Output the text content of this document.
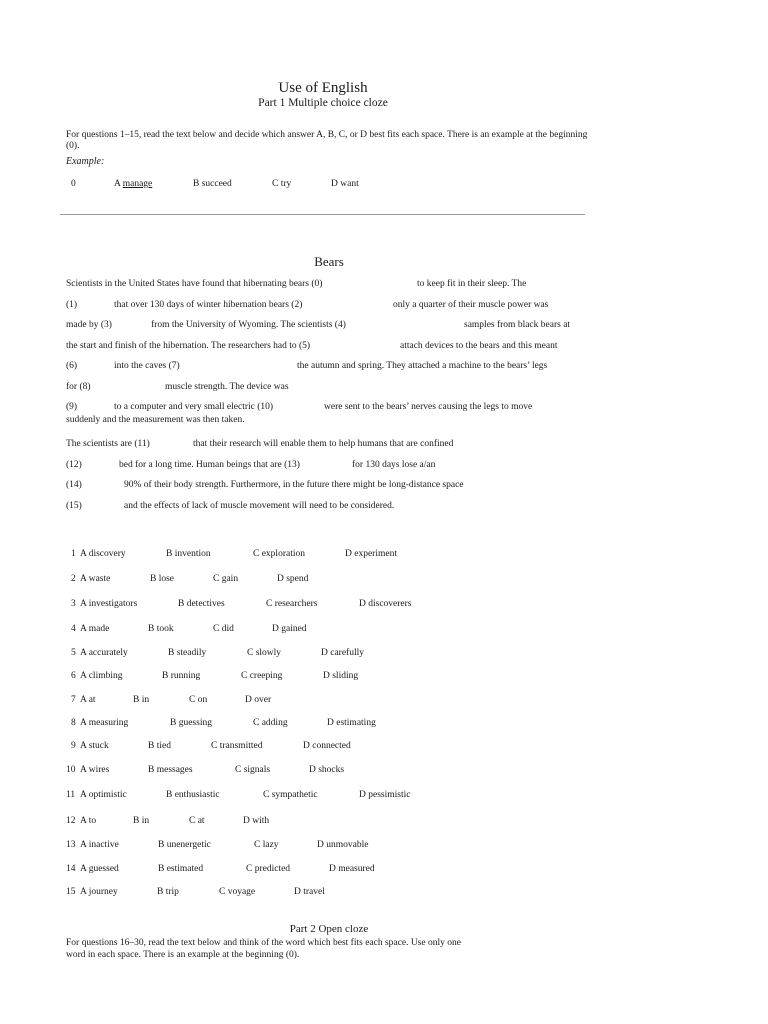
Use of English
Part 1 Multiple choice cloze
For questions 1–15, read the text below and decide which answer A, B, C, or D best fits each space. There is an example at the beginning (0).
Example:
0	A manage	B succeed	C try	D want
Bears
Scientists in the United States have found that hibernating bears (0)	to keep fit in their sleep. The
(1)	that over 130 days of winter hibernation bears (2)	only a quarter of their muscle power was
made by (3)	from the University of Wyoming. The scientists (4)	samples from black bears at
the start and finish of the hibernation. The researchers had to (5)	attach devices to the bears and this meant
(6)	into the caves (7)	the autumn and spring. They attached a machine to the bears’ legs
for (8)	muscle strength. The device was
(9)	to a computer and very small electric (10)	were sent to the bears’ nerves causing the legs to move
suddenly and the measurement was then taken.
The scientists are (11)	that their research will enable them to help humans that are confined
(12)	bed for a long time. Human beings that are (13)	for 130 days lose a/an
(14)	90% of their body strength. Furthermore, in the future there might be long-distance space
(15)	and the effects of lack of muscle movement will need to be considered.
1 A discovery	B invention	C exploration	D experiment
2 A waste	B lose	C gain	D spend
3 A investigators	B detectives	C researchers	D discoverers
4 A made	B took	C did	D gained
5 A accurately	B steadily	C slowly	D carefully
6 A climbing	B running	C creeping	D sliding
7 A at	B in	C on	D over
8 A measuring	B guessing	C adding	D estimating
9 A stuck	B tied	C transmitted	D connected
10 A wires	B messages	C signals	D shocks
11 A optimistic	B enthusiastic	C sympathetic	D pessimistic
12 A to	B in	C at	D with
13 A inactive	B unenergetic	C lazy	D unmovable
14 A guessed	B estimated	C predicted	D measured
15 A journey	B trip	C voyage	D travel
Part 2 Open cloze
For questions 16–30, read the text below and think of the word which best fits each space. Use only one
word in each space. There is an example at the beginning (0).
